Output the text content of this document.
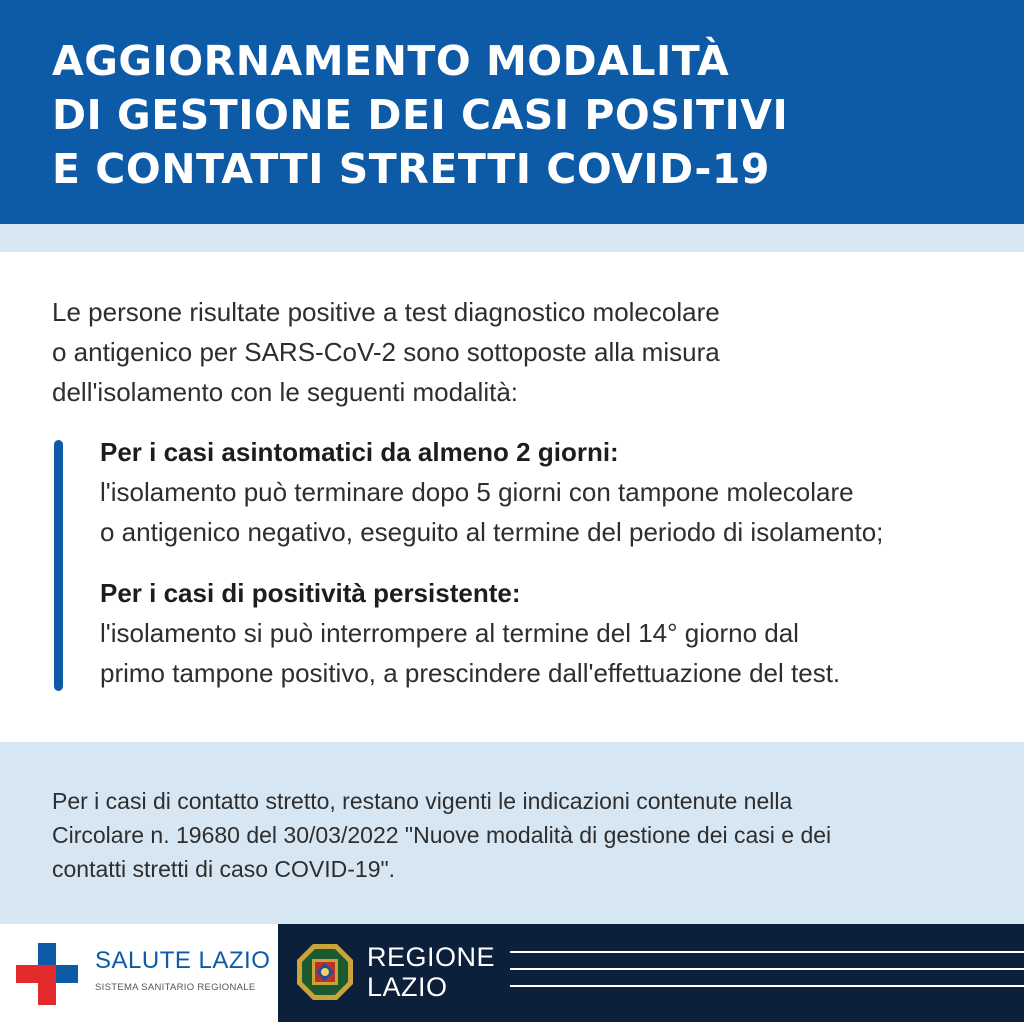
AGGIORNAMENTO MODALITÀ
DI GESTIONE DEI CASI POSITIVI
E CONTATTI STRETTI COVID-19

Le persone risultate positive a test diagnostico molecolare
o antigenico per SARS-CoV-2 sono sottoposte alla misura
dell'isolamento con le seguenti modalità:

Per i casi asintomatici da almeno 2 giorni:
l'isolamento può terminare dopo 5 giorni con tampone molecolare
o antigenico negativo, eseguito al termine del periodo di isolamento;
Per i casi di positività persistente:
l'isolamento si può interrompere al termine del 14° giorno dal
primo tampone positivo, a prescindere dall'effettuazione del test.

Per i casi di contatto stretto, restano vigenti le indicazioni contenute nella
Circolare n. 19680 del 30/03/2022 "Nuove modalità di gestione dei casi e dei
contatti stretti di caso COVID-19".

SALUTE LAZIO
SISTEMA SANITARIO REGIONALE
REGIONE
LAZIO
